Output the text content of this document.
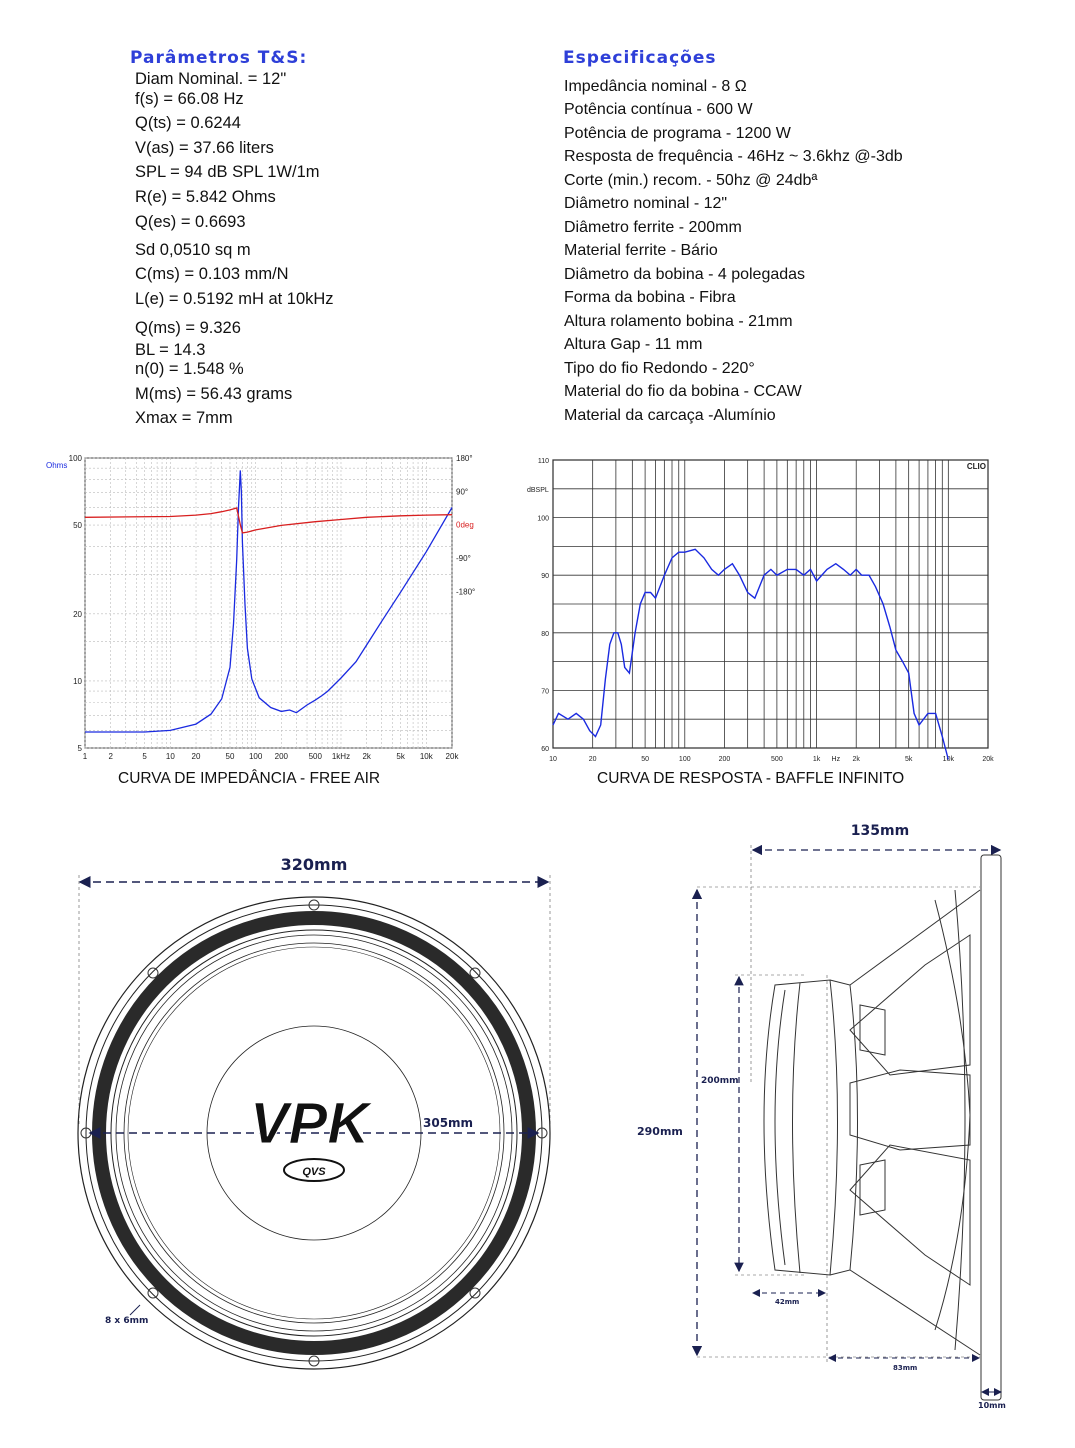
Parâmetros T&S:	Especificações
Diam Nominal. = 12"
f(s) = 66.08 Hz
Q(ts) = 0.6244
V(as) = 37.66 liters
SPL = 94 dB SPL 1W/1m
R(e) = 5.842 Ohms
Q(es) = 0.6693
Sd 0,0510 sq m
C(ms) = 0.103 mm/N
L(e) = 0.5192 mH at 10kHz
Q(ms) = 9.326
BL = 14.3
n(0) = 1.548 %
M(ms) = 56.43 grams
Xmax = 7mm
Impedância nominal - 8 Ω
Potência contínua - 600 W
Potência de programa - 1200 W
Resposta de frequência - 46Hz ~ 3.6khz @-3db
Corte (min.) recom. - 50hz @ 24dbª
Diâmetro nominal - 12"
Diâmetro ferrite - 200mm
Material ferrite - Bário
Diâmetro da bobina - 4 polegadas
Forma da bobina - Fibra
Altura rolamento bobina - 21mm
Altura Gap - 11 mm
Tipo do fio Redondo - 220°
Material do fio da bobina - CCAW
Material da carcaça -Alumínio
1	2	5 10 20	50 100 200	500 1kHz 2k	5k 10k 20k
5
10
20
50
100
Ohms
180°
90°
0deg
-90°
-180°
CURVA DE IMPEDÂNCIA - FREE AIR
10	20	50	100	200	500	1k Hz 2k	5k	10k	20k
60
70
80
90
100
110
dBSPL
CLIO
CURVA DE RESPOSTA - BAFFLE INFINITO
320mm
305mm
VPK
QVS
8 x 6mm
135mm
290mm
200mm
42mm
83mm
10mm
